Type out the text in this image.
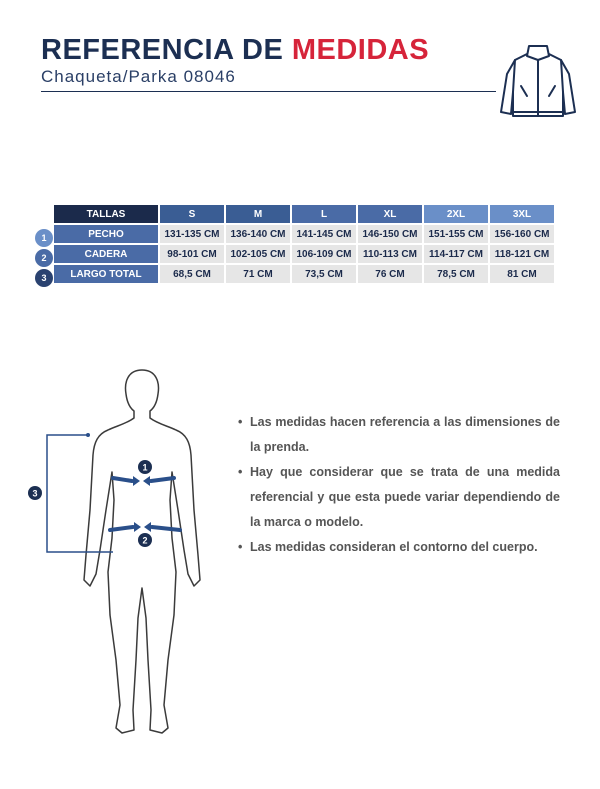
REFERENCIA DE MEDIDAS
Chaqueta/Parka 08046
TALLAS	S	M	L	XL	2XL	3XL
PECHO	131-135 CM	136-140 CM	141-145 CM	146-150 CM	151-155 CM	156-160 CM
CADERA	98-101 CM	102-105 CM	106-109 CM	110-113 CM	114-117 CM	118-121 CM
LARGO TOTAL	68,5 CM	71 CM	73,5 CM	76 CM	78,5 CM	81 CM
1
2
3
1
2
3
• Las medidas hacen referencia a las dimensiones de la prenda.
• Hay que considerar que se trata de una medida referencial y que esta puede variar dependiendo de la marca o modelo.
• Las medidas consideran el contorno del cuerpo.
